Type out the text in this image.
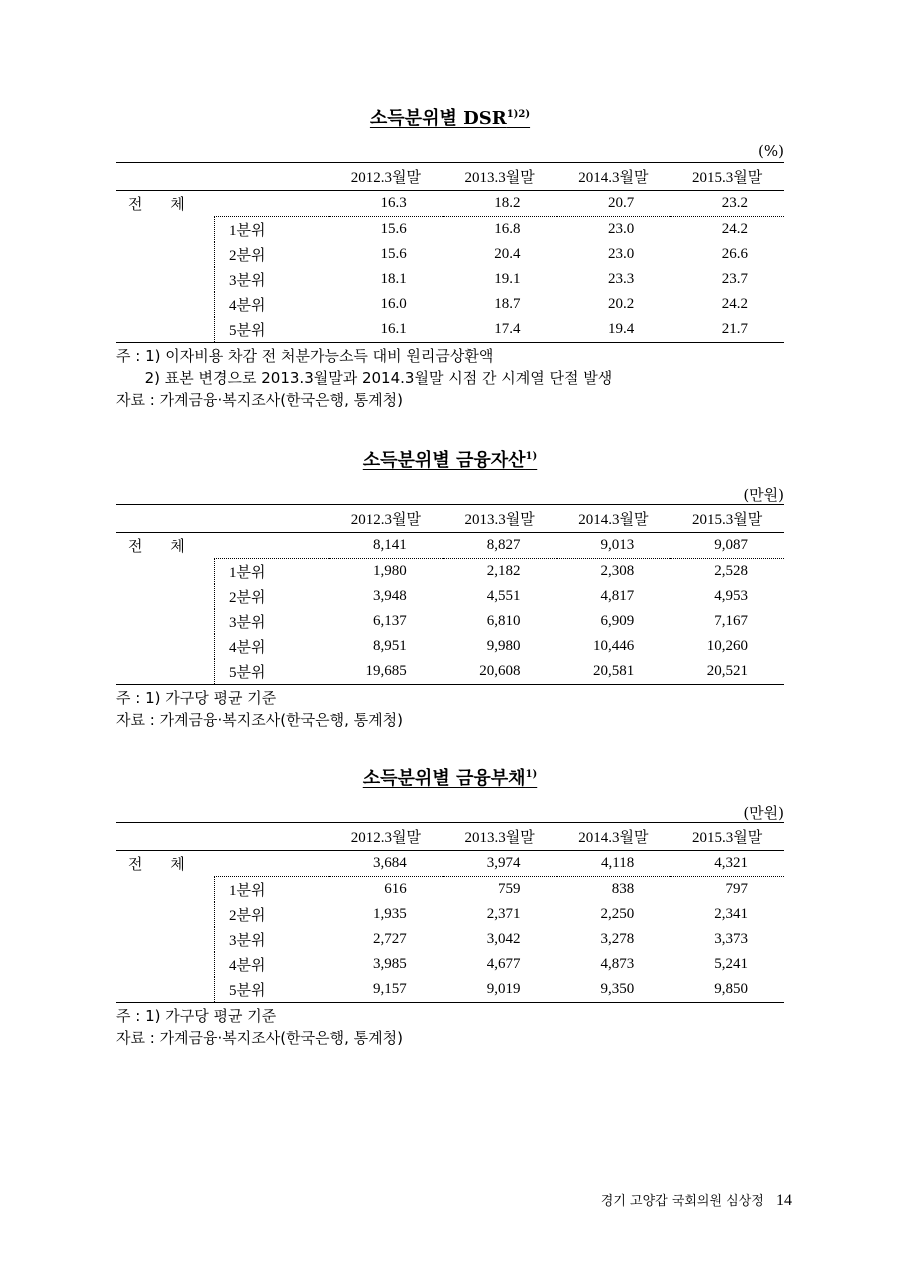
소득분위별 $DSR^{1)2)}$
(%)
		2012.3월말	2013.3월말	2014.3월말	2015.3월말
전 체		16.3	18.2	20.7	23.2
	1분위	15.6	16.8	23.0	24.2
	2분위	15.6	20.4	23.0	26.6
	3분위	18.1	19.1	23.3	23.7
	4분위	16.0	18.7	20.2	24.2
	5분위	16.1	17.4	19.4	21.7
주 : 1) 이자비용 차감 전 처분가능소득 대비 원리금상환액
2) 표본 변경으로 2013.3월말과 2014.3월말 시점 간 시계열 단절 발생
자료 : 가계금융·복지조사(한국은행, 통계청)
소득분위별 금융자산$^{1)}$
(만원)
		2012.3월말	2013.3월말	2014.3월말	2015.3월말
전 체		8,141	8,827	9,013	9,087
	1분위	1,980	2,182	2,308	2,528
	2분위	3,948	4,551	4,817	4,953
	3분위	6,137	6,810	6,909	7,167
	4분위	8,951	9,980	10,446	10,260
	5분위	19,685	20,608	20,581	20,521
주 : 1) 가구당 평균 기준
자료 : 가계금융·복지조사(한국은행, 통계청)
소득분위별 금융부채$^{1)}$
(만원)
		2012.3월말	2013.3월말	2014.3월말	2015.3월말
전 체		3,684	3,974	4,118	4,321
	1분위	616	759	838	797
	2분위	1,935	2,371	2,250	2,341
	3분위	2,727	3,042	3,278	3,373
	4분위	3,985	4,677	4,873	5,241
	5분위	9,157	9,019	9,350	9,850
주 : 1) 가구당 평균 기준
자료 : 가계금융·복지조사(한국은행, 통계청)
경기 고양갑 국회의원 심상정 14
